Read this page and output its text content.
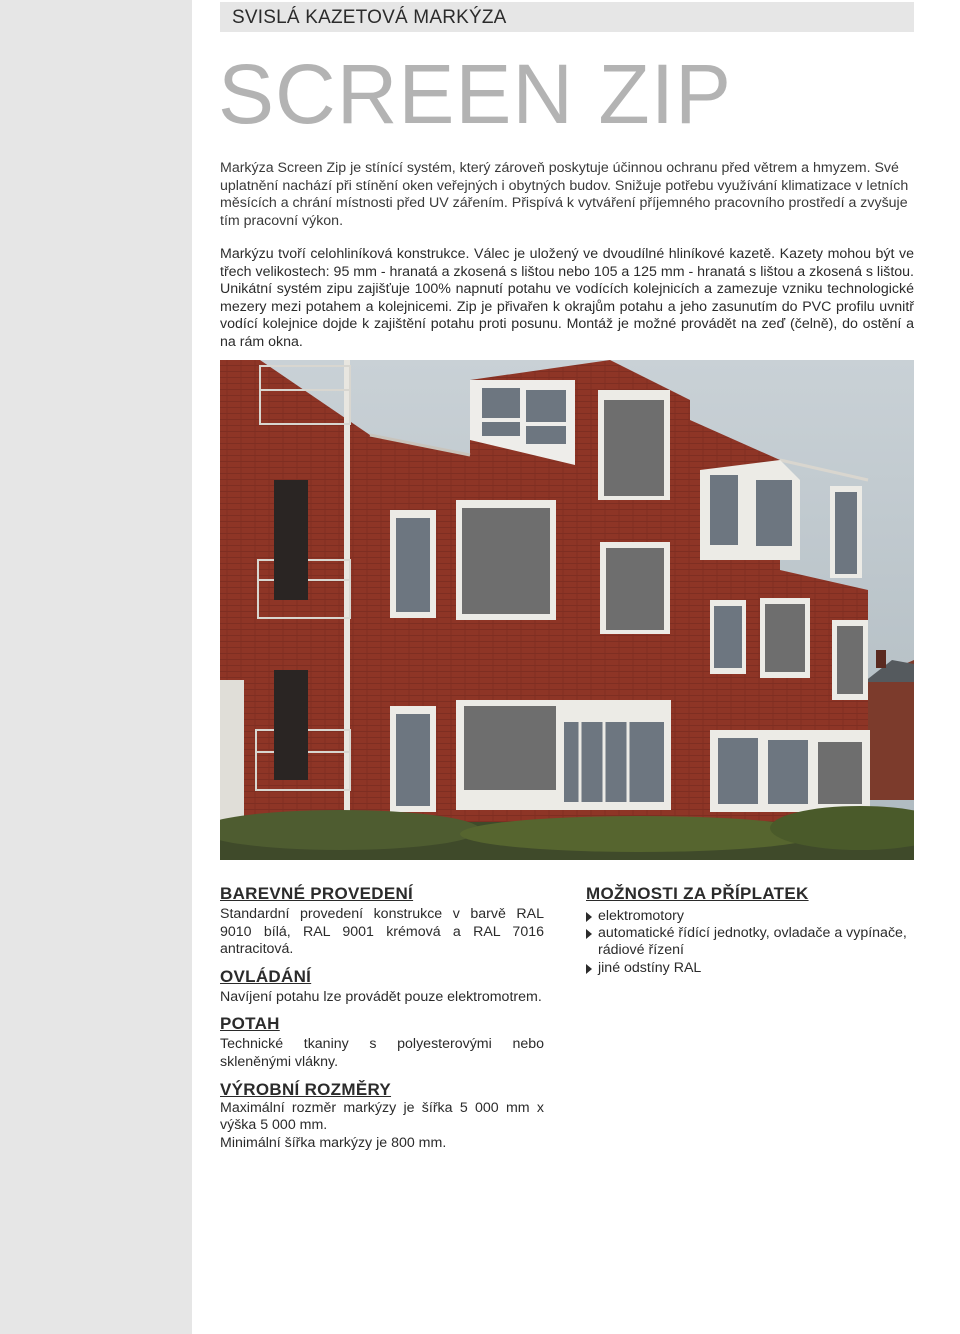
SVISLÁ KAZETOVÁ MARKÝZA
SCREEN ZIP

Markýza Screen Zip je stínící systém, který zároveň poskytuje účinnou ochranu před větrem a hmyzem. Své uplatnění nachází při stínění oken veřejných i obytných budov. Snižuje potřebu využívání klimatizace v letních měsících a chrání místnosti před UV zářením. Přispívá k vytváření příjemného pracovního prostředí a zvyšuje tím pracovní výkon.

Markýzu tvoří celohliníková konstrukce. Válec je uložený ve dvoudílné hliníkové kazetě. Kazety mohou být ve třech velikostech: 95 mm - hranatá a zkosená s lištou nebo 105 a 125 mm - hranatá s lištou a zkosená s lištou. Unikátní systém zipu zajišťuje 100% napnutí potahu ve vodících kolejnicích a zamezuje vzniku technologické mezery mezi potahem a kolejnicemi. Zip je přivařen k okrajům potahu a jeho zasunutím do PVC profilu uvnitř vodící kolejnice dojde k zajištění potahu proti posunu. Montáž je možné provádět na zeď (čelně), do ostění a na rám okna.

BAREVNÉ PROVEDENÍ

Standardní provedení konstrukce v barvě RAL 9010 bílá, RAL 9001 krémová a RAL 7016 antracitová.

OVLÁDÁNÍ

Navíjení potahu lze provádět pouze elektromotrem.

POTAH

Technické tkaniny s polyesterovými nebo skleněnými vlákny.

VÝROBNÍ ROZMĚRY

Maximální rozměr markýzy je šířka 5 000 mm x výška 5 000 mm.

Minimální šířka markýzy je 800 mm.

MOŽNOSTI ZA PŘÍPLATEK
elektromotory
automatické řídící jednotky, ovladače a vypínače, rádiové řízení
jiné odstíny RAL
